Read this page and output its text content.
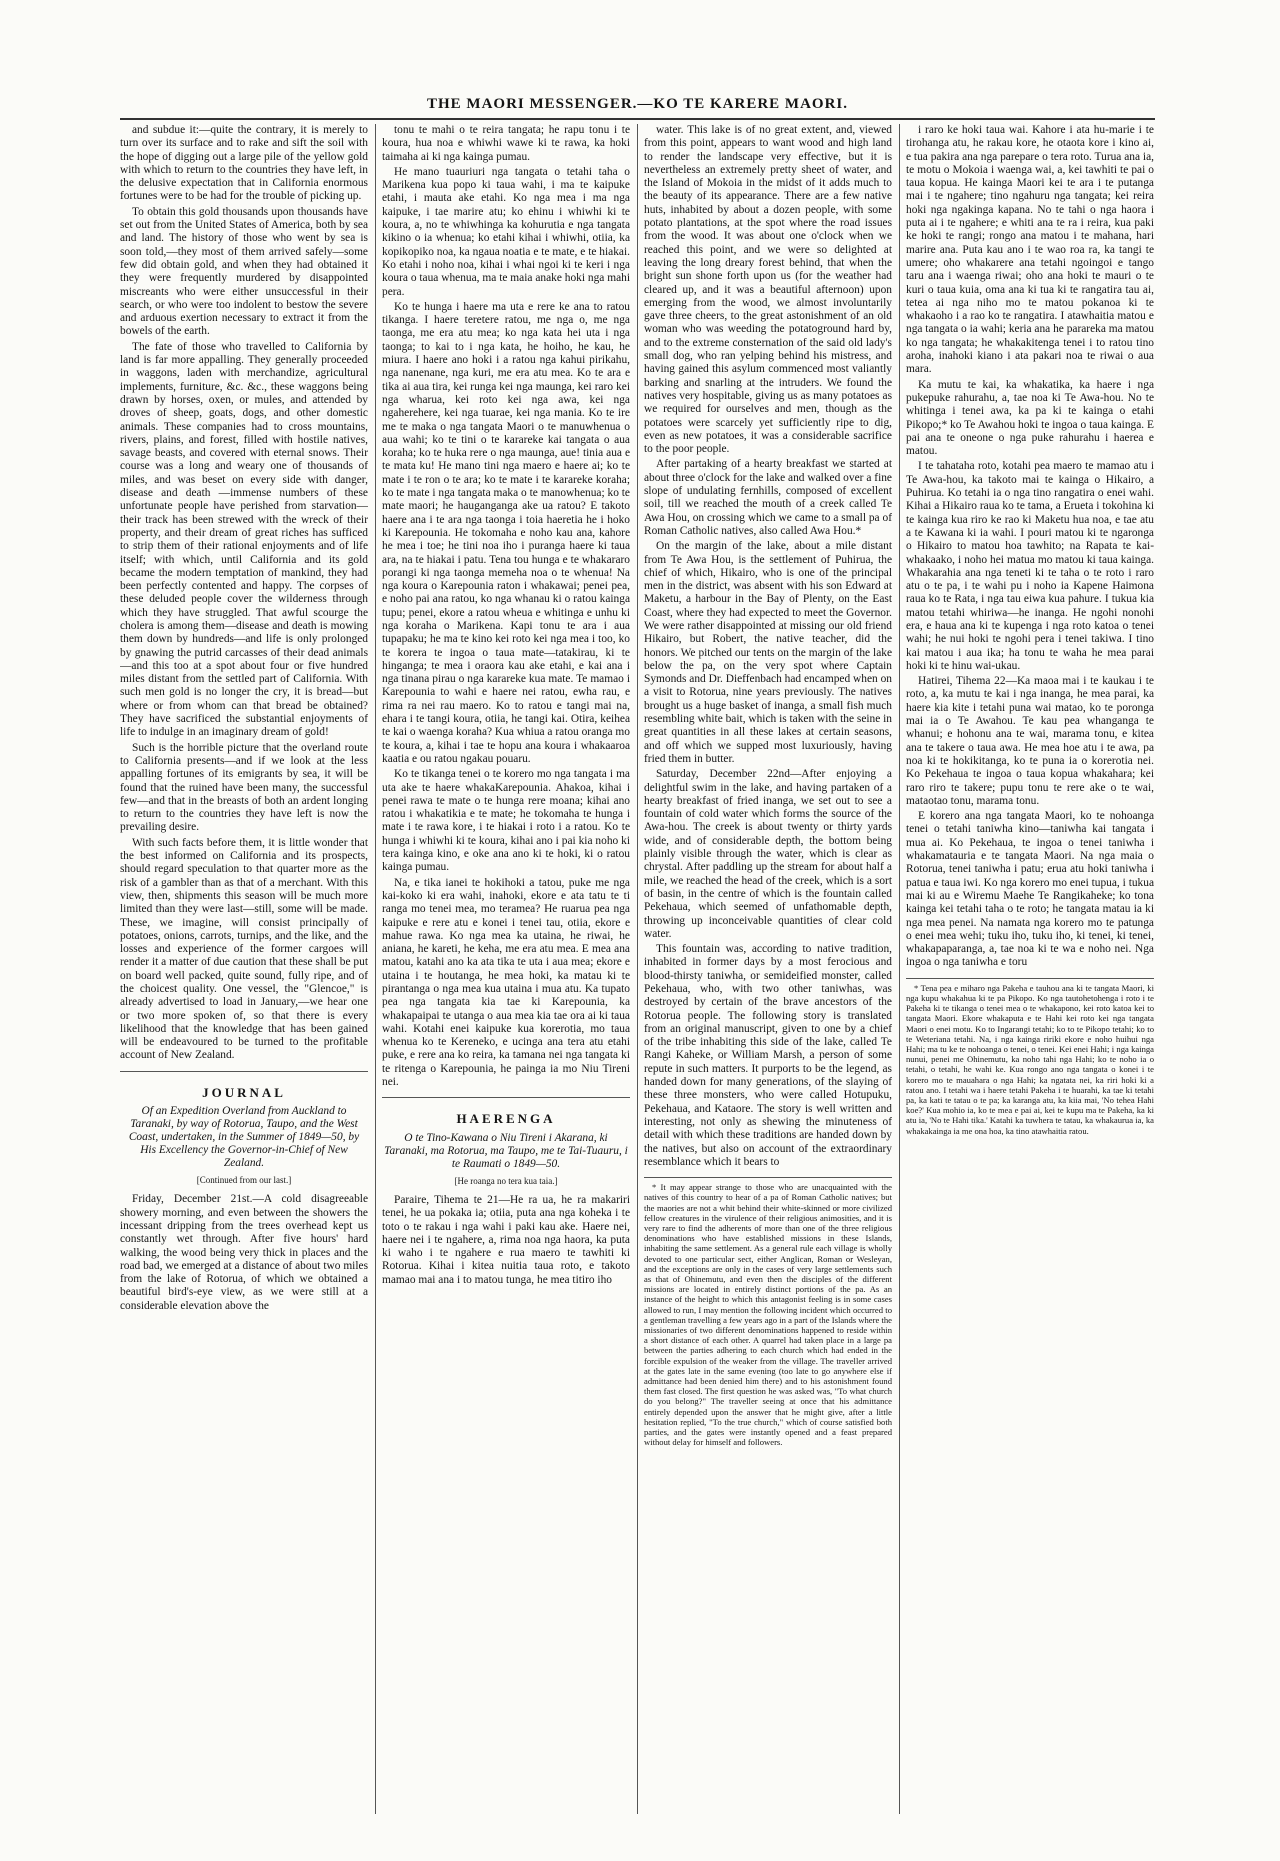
THE MAORI MESSENGER.—KO TE KARERE MAORI.

and subdue it:—quite the contrary, it is merely to turn over its surface and to rake and sift the soil with the hope of digging out a large pile of the yellow gold with which to return to the countries they have left, in the delusive expectation that in California enormous fortunes were to be had for the trouble of picking up.

To obtain this gold thousands upon thousands have set out from the United States of America, both by sea and land. The history of those who went by sea is soon told,—they most of them arrived safely—some few did obtain gold, and when they had obtained it they were frequently murdered by disappointed miscreants who were either unsuccessful in their search, or who were too indolent to bestow the severe and arduous exertion necessary to extract it from the bowels of the earth.

The fate of those who travelled to California by land is far more appalling. They generally proceeded in waggons, laden with merchandize, agricultural implements, furniture, &c. &c., these waggons being drawn by horses, oxen, or mules, and attended by droves of sheep, goats, dogs, and other domestic animals. These companies had to cross mountains, rivers, plains, and forest, filled with hostile natives, savage beasts, and covered with eternal snows. Their course was a long and weary one of thousands of miles, and was beset on every side with danger, disease and death —immense numbers of these unfortunate people have perished from starvation—their track has been strewed with the wreck of their property, and their dream of great riches has sufficed to strip them of their rational enjoyments and of life itself; with which, until California and its gold became the modern temptation of mankind, they had been perfectly contented and happy. The corpses of these deluded people cover the wilderness through which they have struggled. That awful scourge the cholera is among them—disease and death is mowing them down by hundreds—and life is only prolonged by gnawing the putrid carcasses of their dead animals—and this too at a spot about four or five hundred miles distant from the settled part of California. With such men gold is no longer the cry, it is bread—but where or from whom can that bread be obtained? They have sacrificed the substantial enjoyments of life to indulge in an imaginary dream of gold!

Such is the horrible picture that the overland route to California presents—and if we look at the less appalling fortunes of its emigrants by sea, it will be found that the ruined have been many, the successful few—and that in the breasts of both an ardent longing to return to the countries they have left is now the prevailing desire.

With such facts before them, it is little wonder that the best informed on California and its prospects, should regard speculation to that quarter more as the risk of a gambler than as that of a merchant. With this view, then, shipments this season will be much more limited than they were last—still, some will be made. These, we imagine, will consist principally of potatoes, onions, carrots, turnips, and the like, and the losses and experience of the former cargoes will render it a matter of due caution that these shall be put on board well packed, quite sound, fully ripe, and of the choicest quality. One vessel, the "Glencoe," is already advertised to load in January,—we hear one or two more spoken of, so that there is every likelihood that the knowledge that has been gained will be endeavoured to be turned to the profitable account of New Zealand.

JOURNAL

Of an Expedition Overland from Auckland to Taranaki, by way of Rotorua, Taupo, and the West Coast, undertaken, in the Summer of 1849—50, by His Excellency the Governor-in-Chief of New Zealand.

[Continued from our last.]

Friday, December 21st.—A cold disagreeable showery morning, and even between the showers the incessant dripping from the trees overhead kept us constantly wet through. After five hours' hard walking, the wood being very thick in places and the road bad, we emerged at a distance of about two miles from the lake of Rotorua, of which we obtained a beautiful bird's-eye view, as we were still at a considerable elevation above the

tonu te mahi o te reira tangata; he rapu tonu i te koura, hua noa e whiwhi wawe ki te rawa, ka hoki taimaha ai ki nga kainga pumau.

He mano tuauriuri nga tangata o tetahi taha o Marikena kua popo ki taua wahi, i ma te kaipuke etahi, i mauta ake etahi. Ko nga mea i ma nga kaipuke, i tae marire atu; ko ehinu i whiwhi ki te koura, a, no te whiwhinga ka kohurutia e nga tangata kikino o ia whenua; ko etahi kihai i whiwhi, otiia, ka kopikopiko noa, ka ngaua noatia e te mate, e te hiakai. Ko etahi i noho noa, kihai i whai ngoi ki te keri i nga koura o taua whenua, ma te maia anake hoki nga mahi pera.

Ko te hunga i haere ma uta e rere ke ana to ratou tikanga. I haere teretere ratou, me nga o, me nga taonga, me era atu mea; ko nga kata hei uta i nga taonga; to kai to i nga kata, he hoiho, he kau, he miura. I haere ano hoki i a ratou nga kahui pirikahu, nga nanenane, nga kuri, me era atu mea. Ko te ara e tika ai aua tira, kei runga kei nga maunga, kei raro kei nga wharua, kei roto kei nga awa, kei nga ngaherehere, kei nga tuarae, kei nga mania. Ko te ire me te maka o nga tangata Maori o te manuwhenua o aua wahi; ko te tini o te karareke kai tangata o aua koraha; ko te huka rere o nga maunga, aue! tinia aua e te mata ku! He mano tini nga maero e haere ai; ko te mate i te ron o te ara; ko te mate i te karareke koraha; ko te mate i nga tangata maka o te manowhenua; ko te mate maori; he hauganganga ake ua ratou? E takoto haere ana i te ara nga taonga i toia haeretia he i hoko ki Karepounia. He tokomaha e noho kau ana, kahore he mea i toe; he tini noa iho i puranga haere ki taua ara, na te hiakai i patu. Tena tou hunga e te whakararo porangi ki nga taonga memeha noa o te whenua! Na nga koura o Karepounia raton i whakawai; penei pea, e noho pai ana ratou, ko nga whanau ki o ratou kainga tupu; penei, ekore a ratou wheua e whitinga e unhu ki nga koraha o Marikena. Kapi tonu te ara i aua tupapaku; he ma te kino kei roto kei nga mea i too, ko te korera te ingoa o taua mate—tatakirau, ki te hinganga; te mea i oraora kau ake etahi, e kai ana i nga tinana pirau o nga karareke kua mate. Te mamao i Karepounia to wahi e haere nei ratou, ewha rau, e rima ra nei rau maero. Ko to ratou e tangi mai na, ehara i te tangi koura, otiia, he tangi kai. Otira, keihea te kai o waenga koraha? Kua whiua a ratou oranga mo te koura, a, kihai i tae te hopu ana koura i whakaaroa kaatia e ou ratou ngakau pouaru.

Ko te tikanga tenei o te korero mo nga tangata i ma uta ake te haere whakaKarepounia. Ahakoa, kihai i penei rawa te mate o te hunga rere moana; kihai ano ratou i whakatikia e te mate; he tokomaha te hunga i mate i te rawa kore, i te hiakai i roto i a ratou. Ko te hunga i whiwhi ki te koura, kihai ano i pai kia noho ki tera kainga kino, e oke ana ano ki te hoki, ki o ratou kainga pumau.

Na, e tika ianei te hokihoki a tatou, puke me nga kai-koko ki era wahi, inahoki, ekore e ata tatu te ti ranga mo tenei mea, mo teramea? He ruarua pea nga kaipuke e rere atu e konei i tenei tau, otiia, ekore e mahue rawa. Ko nga mea ka utaina, he riwai, he aniana, he kareti, he keha, me era atu mea. E mea ana matou, katahi ano ka ata tika te uta i aua mea; ekore e utaina i te houtanga, he mea hoki, ka matau ki te pirantanga o nga mea kua utaina i mua atu. Ka tupato pea nga tangata kia tae ki Karepounia, ka whakapaipai te utanga o aua mea kia tae ora ai ki taua wahi. Kotahi enei kaipuke kua korerotia, mo taua whenua ko te Kereneko, e ucinga ana tera atu etahi puke, e rere ana ko reira, ka tamana nei nga tangata ki te ritenga o Karepounia, he painga ia mo Niu Tireni nei.

HAERENGA

O te Tino-Kawana o Niu Tireni i Akarana, ki Taranaki, ma Rotorua, ma Taupo, me te Tai-Tuauru, i te Raumati o 1849—50.

[He roanga no tera kua taia.]

Paraire, Tihema te 21—He ra ua, he ra makariri tenei, he ua pokaka ia; otiia, puta ana nga koheka i te toto o te rakau i nga wahi i paki kau ake. Haere nei, haere nei i te ngahere, a, rima noa nga haora, ka puta ki waho i te ngahere e rua maero te tawhiti ki Rotorua. Kihai i kitea nuitia taua roto, e takoto mamao mai ana i to matou tunga, he mea titiro iho

water. This lake is of no great extent, and, viewed from this point, appears to want wood and high land to render the landscape very effective, but it is nevertheless an extremely pretty sheet of water, and the Island of Mokoia in the midst of it adds much to the beauty of its appearance. There are a few native huts, inhabited by about a dozen people, with some potato plantations, at the spot where the road issues from the wood. It was about one o'clock when we reached this point, and we were so delighted at leaving the long dreary forest behind, that when the bright sun shone forth upon us (for the weather had cleared up, and it was a beautiful afternoon) upon emerging from the wood, we almost involuntarily gave three cheers, to the great astonishment of an old woman who was weeding the potatoground hard by, and to the extreme consternation of the said old lady's small dog, who ran yelping behind his mistress, and having gained this asylum commenced most valiantly barking and snarling at the intruders. We found the natives very hospitable, giving us as many potatoes as we required for ourselves and men, though as the potatoes were scarcely yet sufficiently ripe to dig, even as new potatoes, it was a considerable sacrifice to the poor people.

After partaking of a hearty breakfast we started at about three o'clock for the lake and walked over a fine slope of undulating fernhills, composed of excellent soil, till we reached the mouth of a creek called Te Awa Hou, on crossing which we came to a small pa of Roman Catholic natives, also called Awa Hou.*

On the margin of the lake, about a mile distant from Te Awa Hou, is the settlement of Puhirua, the chief of which, Hikairo, who is one of the principal men in the district, was absent with his son Edward at Maketu, a harbour in the Bay of Plenty, on the East Coast, where they had expected to meet the Governor. We were rather disappointed at missing our old friend Hikairo, but Robert, the native teacher, did the honors. We pitched our tents on the margin of the lake below the pa, on the very spot where Captain Symonds and Dr. Dieffenbach had encamped when on a visit to Rotorua, nine years previously. The natives brought us a huge basket of inanga, a small fish much resembling white bait, which is taken with the seine in great quantities in all these lakes at certain seasons, and off which we supped most luxuriously, having fried them in butter.

Saturday, December 22nd—After enjoying a delightful swim in the lake, and having partaken of a hearty breakfast of fried inanga, we set out to see a fountain of cold water which forms the source of the Awa-hou. The creek is about twenty or thirty yards wide, and of considerable depth, the bottom being plainly visible through the water, which is clear as chrystal. After paddling up the stream for about half a mile, we reached the head of the creek, which is a sort of basin, in the centre of which is the fountain called Pekehaua, which seemed of unfathomable depth, throwing up inconceivable quantities of clear cold water.

This fountain was, according to native tradition, inhabited in former days by a most ferocious and blood-thirsty taniwha, or semideified monster, called Pekehaua, who, with two other taniwhas, was destroyed by certain of the brave ancestors of the Rotorua people. The following story is translated from an original manuscript, given to one by a chief of the tribe inhabiting this side of the lake, called Te Rangi Kaheke, or William Marsh, a person of some repute in such matters. It purports to be the legend, as handed down for many generations, of the slaying of these three monsters, who were called Hotupuku, Pekehaua, and Kataore. The story is well written and interesting, not only as shewing the minuteness of detail with which these traditions are handed down by the natives, but also on account of the extraordinary resemblance which it bears to

* It may appear strange to those who are unacquainted with the natives of this country to hear of a pa of Roman Catholic natives; but the maories are not a whit behind their white-skinned or more civilized fellow creatures in the virulence of their religious animosities, and it is very rare to find the adherents of more than one of the three religious denominations who have established missions in these Islands, inhabiting the same settlement. As a general rule each village is wholly devoted to one particular sect, either Anglican, Roman or Wesleyan, and the exceptions are only in the cases of very large settlements such as that of Ohinemutu, and even then the disciples of the different missions are located in entirely distinct portions of the pa. As an instance of the height to which this antagonist feeling is in some cases allowed to run, I may mention the following incident which occurred to a gentleman travelling a few years ago in a part of the Islands where the missionaries of two different denominations happened to reside within a short distance of each other. A quarrel had taken place in a large pa between the parties adhering to each church which had ended in the forcible expulsion of the weaker from the village. The traveller arrived at the gates late in the same evening (too late to go anywhere else if admittance had been denied him there) and to his astonishment found them fast closed. The first question he was asked was, "To what church do you belong?" The traveller seeing at once that his admittance entirely depended upon the answer that he might give, after a little hesitation replied, "To the true church," which of course satisfied both parties, and the gates were instantly opened and a feast prepared without delay for himself and followers.

i raro ke hoki taua wai. Kahore i ata hu-marie i te tirohanga atu, he rakau kore, he otaota kore i kino ai, e tua pakira ana nga parepare o tera roto. Turua ana ia, te motu o Mokoia i waenga wai, a, kei tawhiti te pai o taua kopua. He kainga Maori kei te ara i te putanga mai i te ngahere; tino ngahuru nga tangata; kei reira hoki nga ngakinga kapana. No te tahi o nga haora i puta ai i te ngahere; e whiti ana te ra i reira, kua paki ke hoki te rangi; rongo ana matou i te mahana, hari marire ana. Puta kau ano i te wao roa ra, ka tangi te umere; oho whakarere ana tetahi ngoingoi e tango taru ana i waenga riwai; oho ana hoki te mauri o te kuri o taua kuia, oma ana ki tua ki te rangatira tau ai, tetea ai nga niho mo te matou pokanoa ki te whakaoho i a rao ko te rangatira. I atawhaitia matou e nga tangata o ia wahi; keria ana he parareka ma matou ko nga tangata; he whakakitenga tenei i to ratou tino aroha, inahoki kiano i ata pakari noa te riwai o aua mara.

Ka mutu te kai, ka whakatika, ka haere i nga pukepuke rahurahu, a, tae noa ki Te Awa-hou. No te whitinga i tenei awa, ka pa ki te kainga o etahi Pikopo;* ko Te Awahou hoki te ingoa o taua kainga. E pai ana te oneone o nga puke rahurahu i haerea e matou.

I te tahataha roto, kotahi pea maero te mamao atu i Te Awa-hou, ka takoto mai te kainga o Hikairo, a Puhirua. Ko tetahi ia o nga tino rangatira o enei wahi. Kihai a Hikairo raua ko te tama, a Erueta i tokohina ki te kainga kua riro ke rao ki Maketu hua noa, e tae atu a te Kawana ki ia wahi. I pouri matou ki te ngaronga o Hikairo to matou hoa tawhito; na Rapata te kai-whakaako, i noho hei matua mo matou ki taua kainga. Whakarahia ana nga teneti ki te taha o te roto i raro atu o te pa, i te wahi pu i noho ia Kapene Haimona raua ko te Rata, i nga tau eiwa kua pahure. I tukua kia matou tetahi whiriwa—he inanga. He ngohi nonohi era, e haua ana ki te kupenga i nga roto katoa o tenei wahi; he nui hoki te ngohi pera i tenei takiwa. I tino kai matou i aua ika; ha tonu te waha he mea parai hoki ki te hinu wai-ukau.

Hatirei, Tihema 22—Ka maoa mai i te kaukau i te roto, a, ka mutu te kai i nga inanga, he mea parai, ka haere kia kite i tetahi puna wai matao, ko te poronga mai ia o Te Awahou. Te kau pea whanganga te whanui; e hohonu ana te wai, marama tonu, e kitea ana te takere o taua awa. He mea hoe atu i te awa, pa noa ki te hokikitanga, ko te puna ia o korerotia nei. Ko Pekehaua te ingoa o taua kopua whakahara; kei raro riro te takere; pupu tonu te rere ake o te wai, mataotao tonu, marama tonu.

E korero ana nga tangata Maori, ko te nohoanga tenei o tetahi taniwha kino—taniwha kai tangata i mua ai. Ko Pekehaua, te ingoa o tenei taniwha i whakamatauria e te tangata Maori. Na nga maia o Rotorua, tenei taniwha i patu; erua atu hoki taniwha i patua e taua iwi. Ko nga korero mo enei tupua, i tukua mai ki au e Wiremu Maehe Te Rangikaheke; ko tona kainga kei tetahi taha o te roto; he tangata matau ia ki nga mea penei. Na namata nga korero mo te patunga o enei mea wehi; tuku iho, tuku iho, ki tenei, ki tenei, whakapaparanga, a, tae noa ki te wa e noho nei. Nga ingoa o nga taniwha e toru

* Tena pea e miharo nga Pakeha e tauhou ana ki te tangata Maori, ki nga kupu whakahua ki te pa Pikopo. Ko nga tautohetohenga i roto i te Pakeha ki te tikanga o tenei mea o te whakapono, kei roto katoa kei to tangata Maori. Ekore whakaputa e te Hahi kei roto kei nga tangata Maori o enei motu. Ko to Ingarangi tetahi; ko to te Pikopo tetahi; ko to te Weteriana tetahi. Na, i nga kainga ririki ekore e noho huihui nga Hahi; ma tu ke te nohoanga o tenei, o tenei. Kei enei Hahi; i nga kainga nunui, penei me Ohinemutu, ka noho tahi nga Hahi; ko te noho ia o tetahi, o tetahi, he wahi ke. Kua rongo ano nga tangata o konei i te korero mo te mauahara o nga Hahi; ka ngatata nei, ka riri hoki ki a ratou ano. I tetahi wa i haere tetahi Pakeha i te huarahi, ka tae ki tetahi pa, ka kati te tatau o te pa; ka karanga atu, ka kiia mai, 'No tehea Hahi koe?' Kua mohio ia, ko te mea e pai ai, kei te kupu ma te Pakeha, ka ki atu ia, 'No te Hahi tika.' Katahi ka tuwhera te tatau, ka whakaurua ia, ka whakakainga ia me ona hoa, ka tino atawhaitia ratou.
